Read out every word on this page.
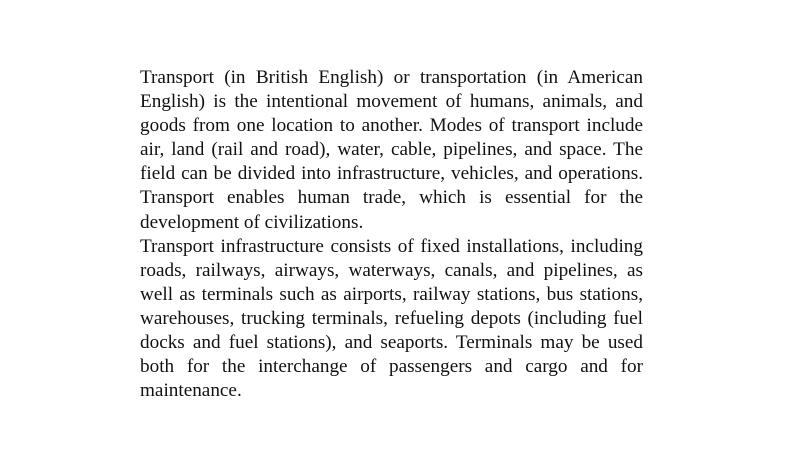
Transport (in British English) or transportation (in American English) is the intentional movement of humans, animals, and goods from one location to another. Modes of transport include air, land (rail and road), water, cable, pipelines, and space. The field can be divided into infrastructure, vehicles, and operations. Transport enables human trade, which is essential for the development of civilizations.

Transport infrastructure consists of fixed installations, including roads, railways, airways, waterways, canals, and pipelines, as well as terminals such as airports, railway stations, bus stations, warehouses, trucking terminals, refueling depots (including fuel docks and fuel stations), and seaports. Terminals may be used both for the interchange of passengers and cargo and for maintenance.
